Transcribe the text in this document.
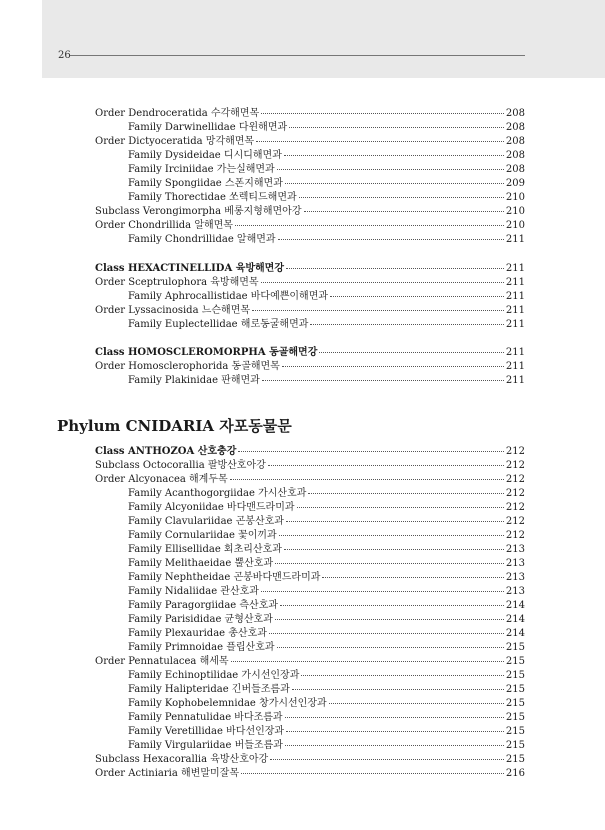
26
Order Dendroceratida 수각해면목	208
Family Darwinellidae 다윈해면과	208
Order Dictyoceratida 망각해면목	208
Family Dysideidae 디시디해면과	208
Family Irciniidae 가는실해면과	208
Family Spongiidae 스폰지해면과	209
Family Thorectidae 쏘렉티드해면과	210
Subclass Verongimorpha 베롱지형해면아강	210
Order Chondrillida 알해면목	210
Family Chondrillidae 알해면과	211
Class HEXACTINELLIDA 육방해면강	211
Order Sceptrulophora 육방해면목	211
Family Aphrocallistidae 바다예쁜이해면과	211
Order Lyssacinosida 느슨해면목	211
Family Euplectellidae 해로동굴해면과	211
Class HOMOSCLEROMORPHA 동골해면강	211
Order Homosclerophorida 동골해면목	211
Family Plakinidae 판해면과	211
Class ANTHOZOA 산호충강	212
Subclass Octocorallia 팔방산호아강	212
Order Alcyonacea 해계두목	212
Family Acanthogorgiidae 가시산호과	212
Family Alcyoniidae 바다맨드라미과	212
Family Clavulariidae 곤봉산호과	212
Family Cornulariidae 꽃이끼과	212
Family Ellisellidae 회초리산호과	213
Family Melithaeidae 뿔산호과	213
Family Nephtheidae 곤봉바다맨드라미과	213
Family Nidaliidae 관산호과	213
Family Paragorgiidae 측산호과	214
Family Parisididae 균형산호과	214
Family Plexauridae 총산호과	214
Family Primnoidae 플립산호과	215
Order Pennatulacea 해세목	215
Family Echinoptilidae 가시선인장과	215
Family Halipteridae 긴버들조름과	215
Family Kophobelemnidae 창가시선인장과	215
Family Pennatulidae 바다조름과	215
Family Veretillidae 바다선인장과	215
Family Virgulariidae 버들조름과	215
Subclass Hexacorallia 육방산호아강	215
Order Actiniaria 해변말미잘목	216
Phylum CNIDARIA 자포동물문
